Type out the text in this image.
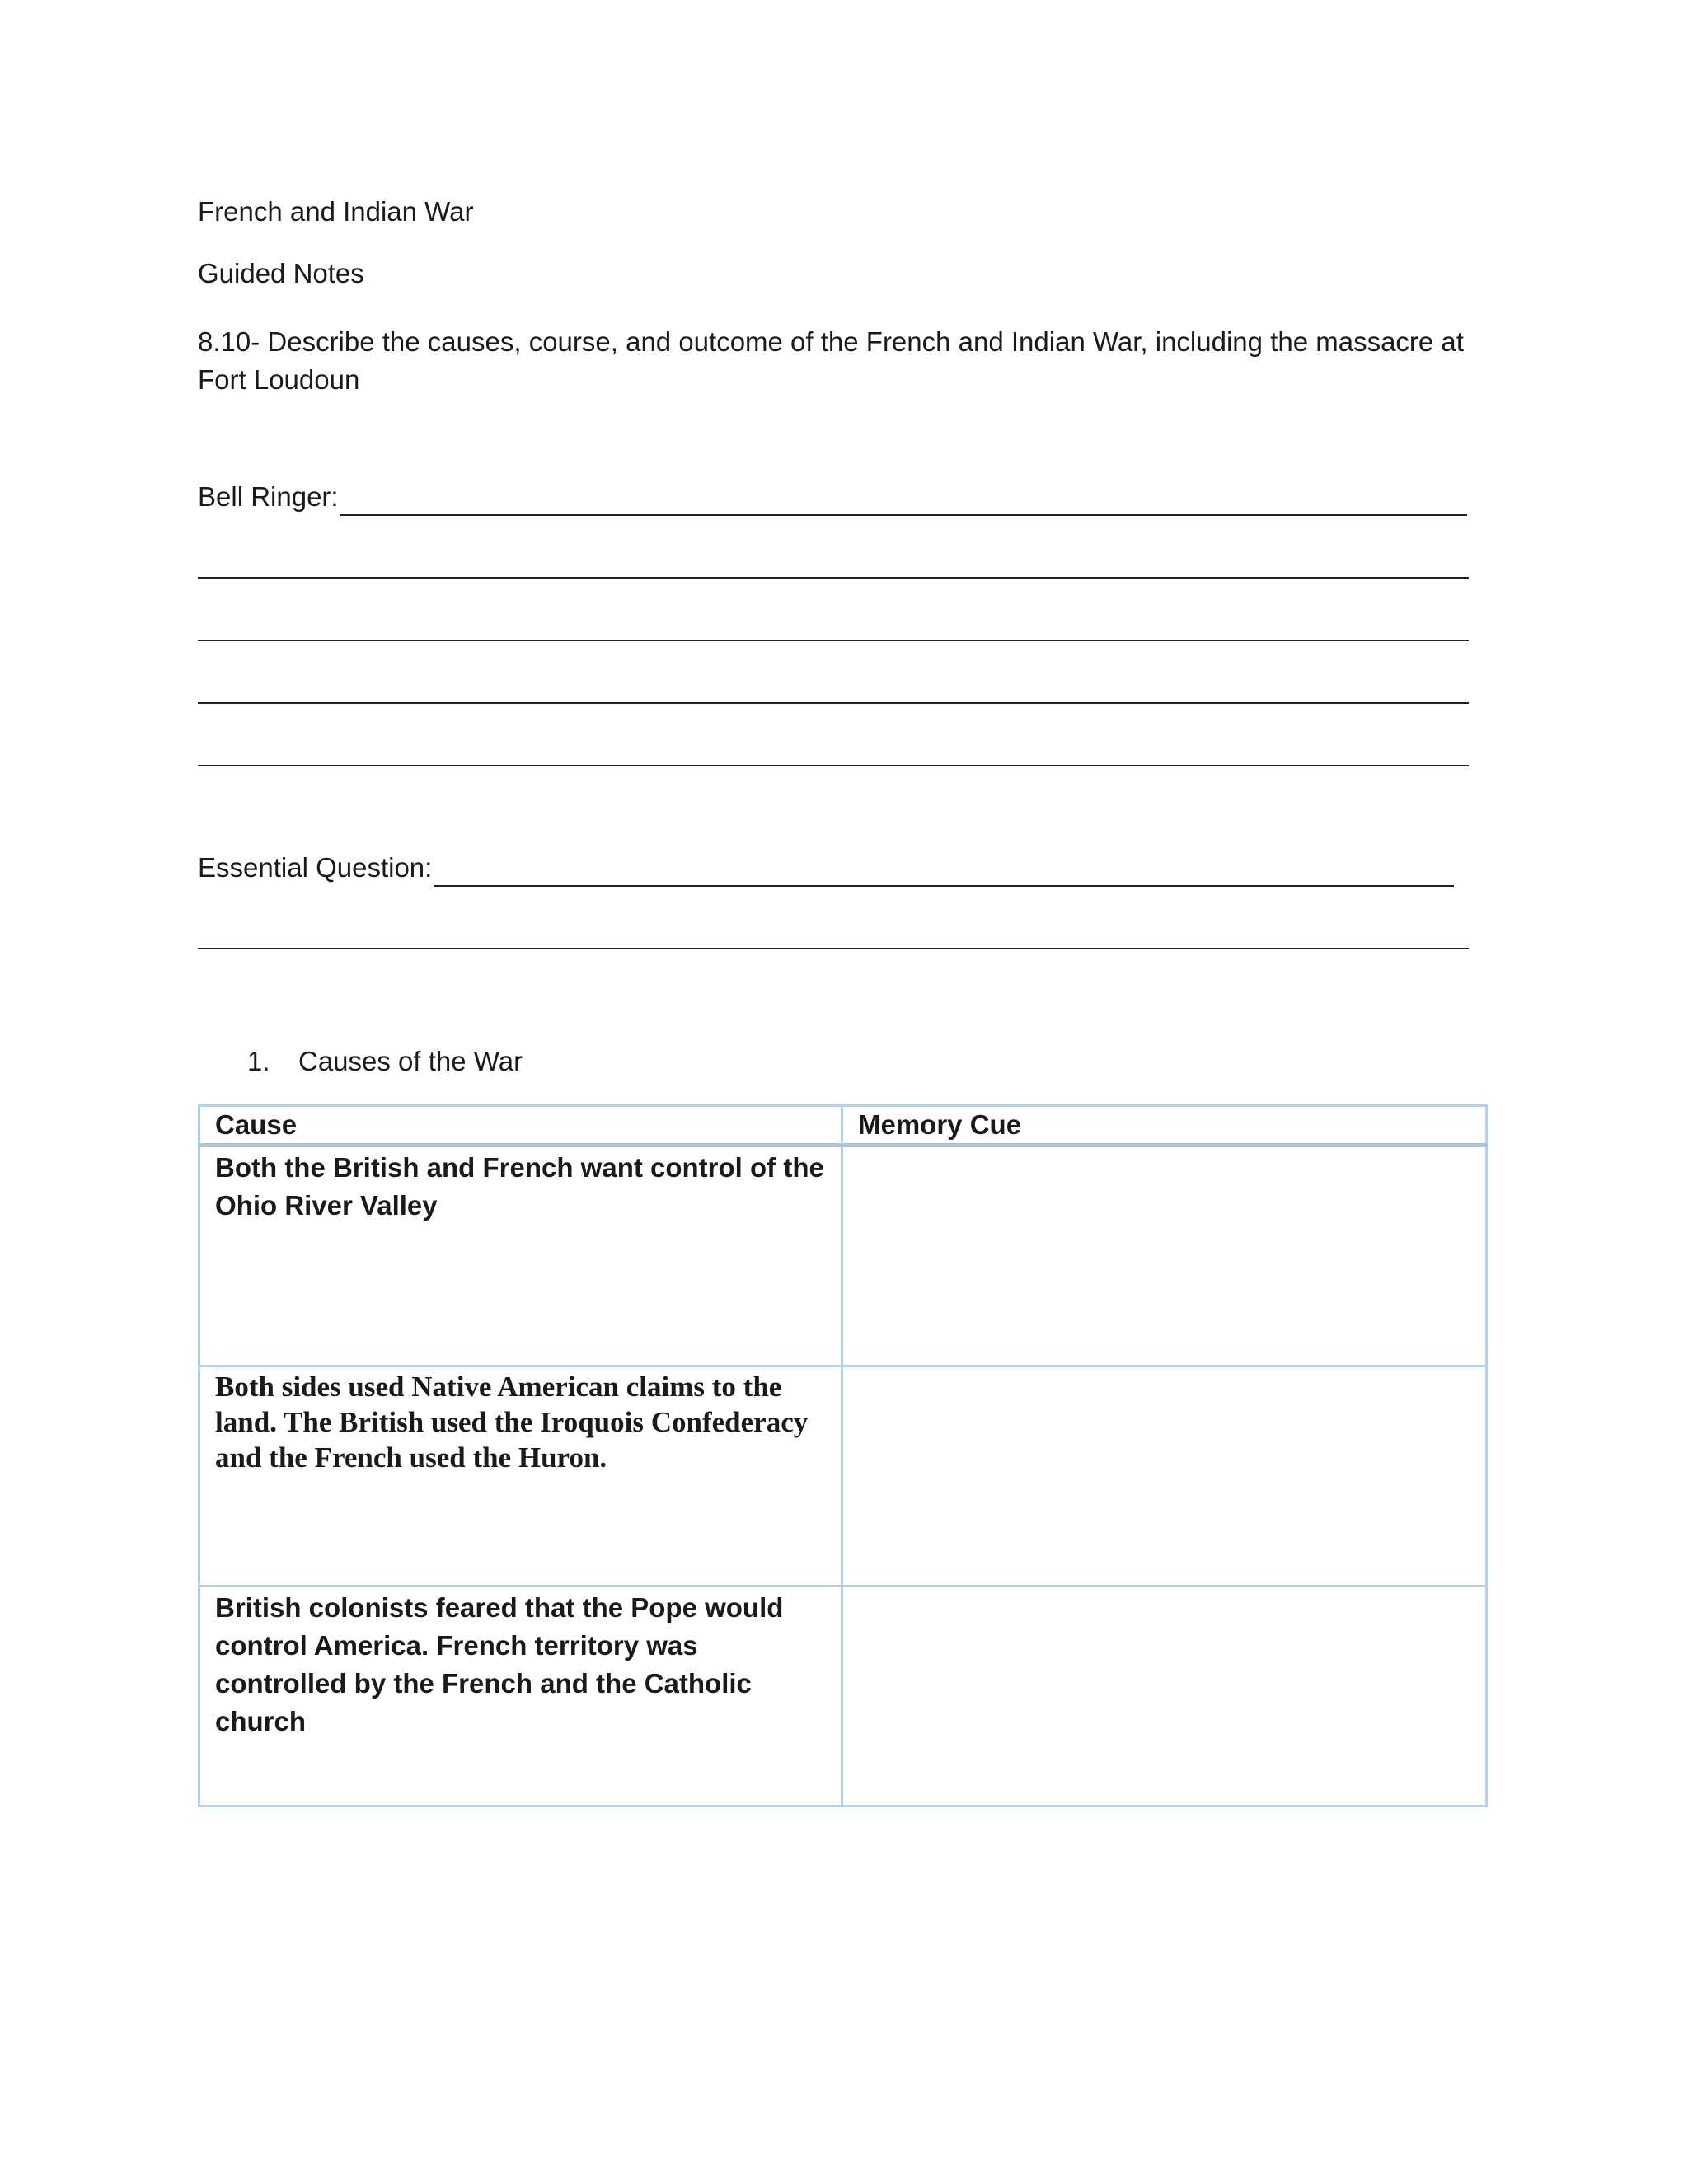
French and Indian War
Guided Notes
8.10- Describe the causes, course, and outcome of the French and Indian War, including the massacre at Fort Loudoun
Bell Ringer:
Essential Question:
1.	Causes of the War
Cause	Memory Cue
Both the British and French want control of the Ohio River Valley	
Both sides used Native American claims to the land. The British used the Iroquois Confederacy and the French used the Huron.	
British colonists feared that the Pope would control America. French territory was controlled by the French and the Catholic church	
